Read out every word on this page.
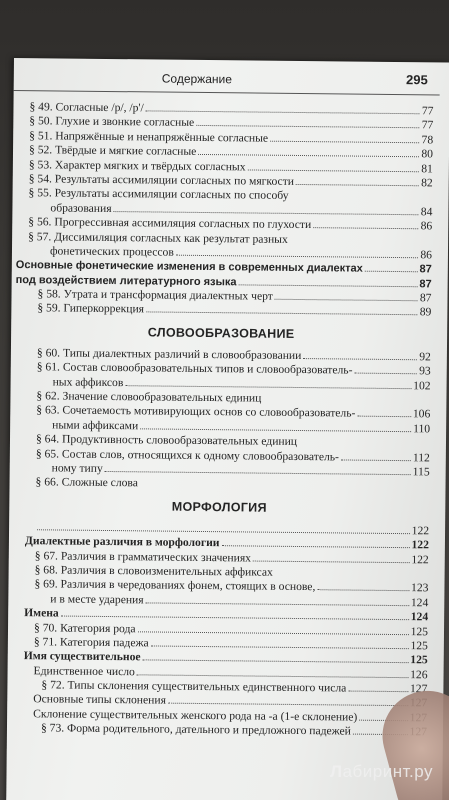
Содержание	295
§ 49. Согласные /р/, /р'/	77
§ 50. Глухие и звонкие согласные	77
§ 51. Напряжённые и ненапряжённые согласные	78
§ 52. Твёрдые и мягкие согласные	80
§ 53. Характер мягких и твёрдых согласных	81
§ 54. Результаты ассимиляции согласных по мягкости	82
§ 55. Результаты ассимиляции согласных по способу
образования	84
§ 56. Прогрессивная ассимиляция согласных по глухости	86
§ 57. Диссимиляция согласных как результат разных
фонетических процессов	86
Основные фонетические изменения в современных диалектах	87
под воздействием литературного языка	87
§ 58. Утрата и трансформация диалектных черт	87
§ 59. Гиперкоррекция	89
СЛОВООБРАЗОВАНИЕ
§ 60. Типы диалектных различий в словообразовании	92
§ 61. Состав словообразовательных типов и словообразователь-	93
ных аффиксов	102
§ 62. Значение словообразовательных единиц
§ 63. Сочетаемость мотивирующих основ со словообразователь-	106
ными аффиксами	110
§ 64. Продуктивность словообразовательных единиц
§ 65. Состав слов, относящихся к одному словообразователь-	112
ному типу	115
§ 66. Сложные слова
МОРФОЛОГИЯ
122
Диалектные различия в морфологии	122
§ 67. Различия в грамматических значениях	122
§ 68. Различия в словоизменительных аффиксах
§ 69. Различия в чередованиях фонем, стоящих в основе,	123
и в месте ударения	124
Имена	124
§ 70. Категория рода	125
§ 71. Категория падежа	125
Имя существительное	125
Единственное число	126
§ 72. Типы склонения существительных единственного числа	127
Основные типы склонения
Склонение существительных женского рода на -а (1-е склонение)
§ 73. Форма родительного, дательного и предложного падежей
Лабиринт.ру
